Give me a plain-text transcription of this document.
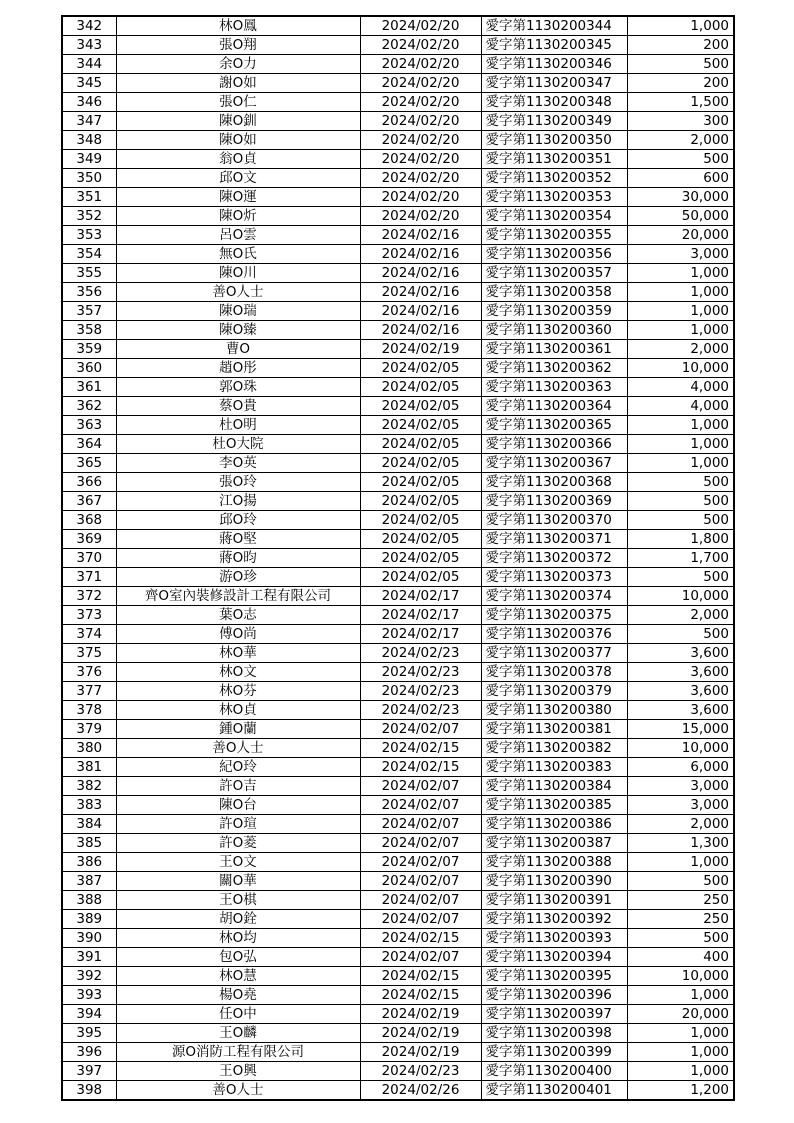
342	林O鳳	2024/02/20	愛字第1130200344	1,000
343	張O翔	2024/02/20	愛字第1130200345	200
344	余O力	2024/02/20	愛字第1130200346	500
345	謝O如	2024/02/20	愛字第1130200347	200
346	張O仁	2024/02/20	愛字第1130200348	1,500
347	陳O釧	2024/02/20	愛字第1130200349	300
348	陳O如	2024/02/20	愛字第1130200350	2,000
349	翁O貞	2024/02/20	愛字第1130200351	500
350	邱O文	2024/02/20	愛字第1130200352	600
351	陳O運	2024/02/20	愛字第1130200353	30,000
352	陳O炘	2024/02/20	愛字第1130200354	50,000
353	呂O雲	2024/02/16	愛字第1130200355	20,000
354	無O氏	2024/02/16	愛字第1130200356	3,000
355	陳O川	2024/02/16	愛字第1130200357	1,000
356	善O人士	2024/02/16	愛字第1130200358	1,000
357	陳O瑞	2024/02/16	愛字第1130200359	1,000
358	陳O臻	2024/02/16	愛字第1130200360	1,000
359	曹O	2024/02/19	愛字第1130200361	2,000
360	趙O彤	2024/02/05	愛字第1130200362	10,000
361	郭O珠	2024/02/05	愛字第1130200363	4,000
362	蔡O貴	2024/02/05	愛字第1130200364	4,000
363	杜O明	2024/02/05	愛字第1130200365	1,000
364	杜O大院	2024/02/05	愛字第1130200366	1,000
365	李O英	2024/02/05	愛字第1130200367	1,000
366	張O玲	2024/02/05	愛字第1130200368	500
367	江O揚	2024/02/05	愛字第1130200369	500
368	邱O玲	2024/02/05	愛字第1130200370	500
369	蔣O堅	2024/02/05	愛字第1130200371	1,800
370	蔣O昀	2024/02/05	愛字第1130200372	1,700
371	游O珍	2024/02/05	愛字第1130200373	500
372	齊O室內裝修設計工程有限公司	2024/02/17	愛字第1130200374	10,000
373	葉O志	2024/02/17	愛字第1130200375	2,000
374	傅O尚	2024/02/17	愛字第1130200376	500
375	林O華	2024/02/23	愛字第1130200377	3,600
376	林O文	2024/02/23	愛字第1130200378	3,600
377	林O芬	2024/02/23	愛字第1130200379	3,600
378	林O貞	2024/02/23	愛字第1130200380	3,600
379	鍾O蘭	2024/02/07	愛字第1130200381	15,000
380	善O人士	2024/02/15	愛字第1130200382	10,000
381	紀O玲	2024/02/15	愛字第1130200383	6,000
382	許O吉	2024/02/07	愛字第1130200384	3,000
383	陳O台	2024/02/07	愛字第1130200385	3,000
384	許O瑄	2024/02/07	愛字第1130200386	2,000
385	許O菱	2024/02/07	愛字第1130200387	1,300
386	王O文	2024/02/07	愛字第1130200388	1,000
387	關O華	2024/02/07	愛字第1130200390	500
388	王O棋	2024/02/07	愛字第1130200391	250
389	胡O銓	2024/02/07	愛字第1130200392	250
390	林O均	2024/02/15	愛字第1130200393	500
391	包O弘	2024/02/07	愛字第1130200394	400
392	林O慧	2024/02/15	愛字第1130200395	10,000
393	楊O堯	2024/02/15	愛字第1130200396	1,000
394	任O中	2024/02/19	愛字第1130200397	20,000
395	王O麟	2024/02/19	愛字第1130200398	1,000
396	源O消防工程有限公司	2024/02/19	愛字第1130200399	1,000
397	王O興	2024/02/23	愛字第1130200400	1,000
398	善O人士	2024/02/26	愛字第1130200401	1,200
